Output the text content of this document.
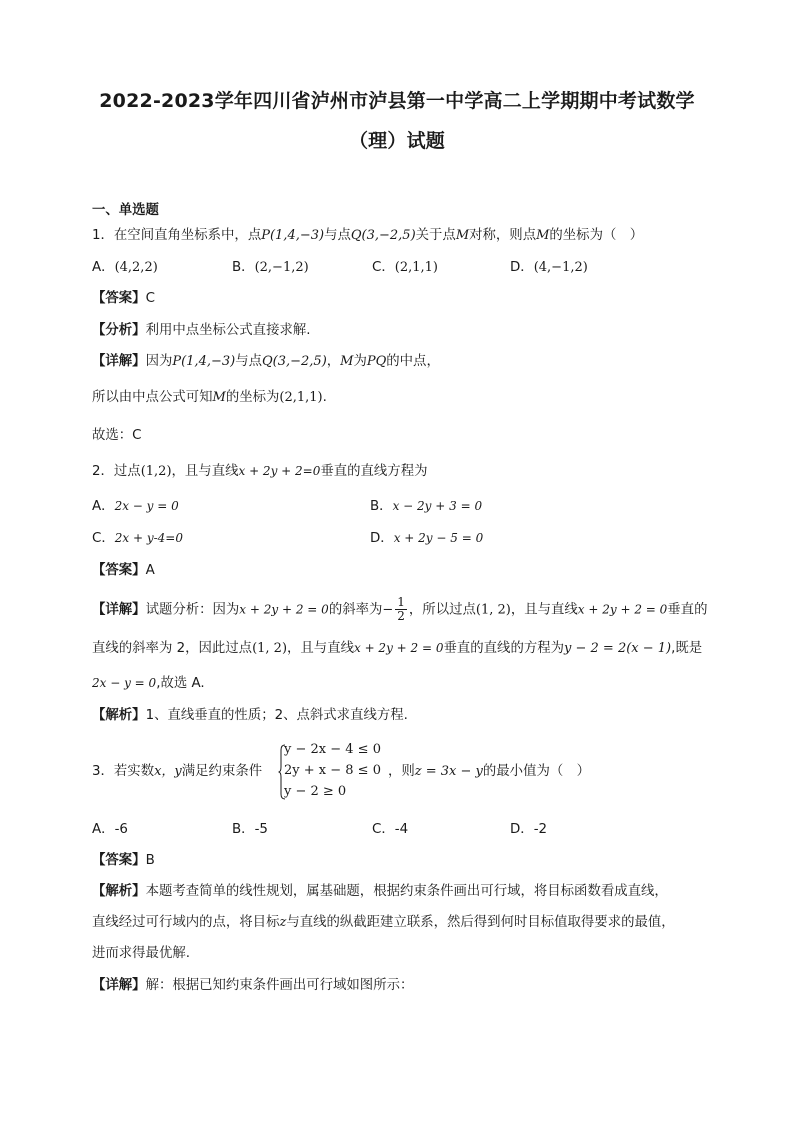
2022-2023学年四川省泸州市泸县第一中学高二上学期期中考试数学
（理）试题
一、单选题
1．在空间直角坐标系中，点P(1,4,−3)与点Q(3,−2,5)关于点M对称，则点M的坐标为（　）
A．(4,2,2)	B．(2,−1,2)	C．(2,1,1)	D．(4,−1,2)
【答案】C
【分析】利用中点坐标公式直接求解.
【详解】因为P(1,4,−3)与点Q(3,−2,5)，M为PQ的中点，
所以由中点公式可知M的坐标为(2,1,1).
故选：C
2．过点(1,2)，且与直线x + 2y + 2=0垂直的直线方程为
A．2x − y = 0	B．x − 2y + 3 = 0
C．2x + y-4=0	D．x + 2y − 5 = 0
【答案】A
【详解】试题分析：因为x + 2y + 2 = 0的斜率为− $\frac{1}{2}$ ，所以过点(1, 2)，且与直线x + 2y + 2 = 0垂直的
直线的斜率为 2，因此过点(1, 2)，且与直线x + 2y + 2 = 0垂直的直线的方程为y − 2 = 2(x − 1),既是
2x − y = 0,故选 A.
【解析】1、直线垂直的性质；2、点斜式求直线方程.
3．若实数x，y满足约束条件
y − 2x − 4 ≤ 0
2y + x − 8 ≤ 0
y − 2 ≥ 0
，则z = 3x − y的最小值为（　）
A．-6	B．-5	C．-4	D．-2
【答案】B
【解析】本题考查简单的线性规划，属基础题，根据约束条件画出可行域，将目标函数看成直线，
直线经过可行域内的点，将目标z与直线的纵截距建立联系，然后得到何时目标值取得要求的最值，
进而求得最优解.
【详解】解：根据已知约束条件画出可行域如图所示：
